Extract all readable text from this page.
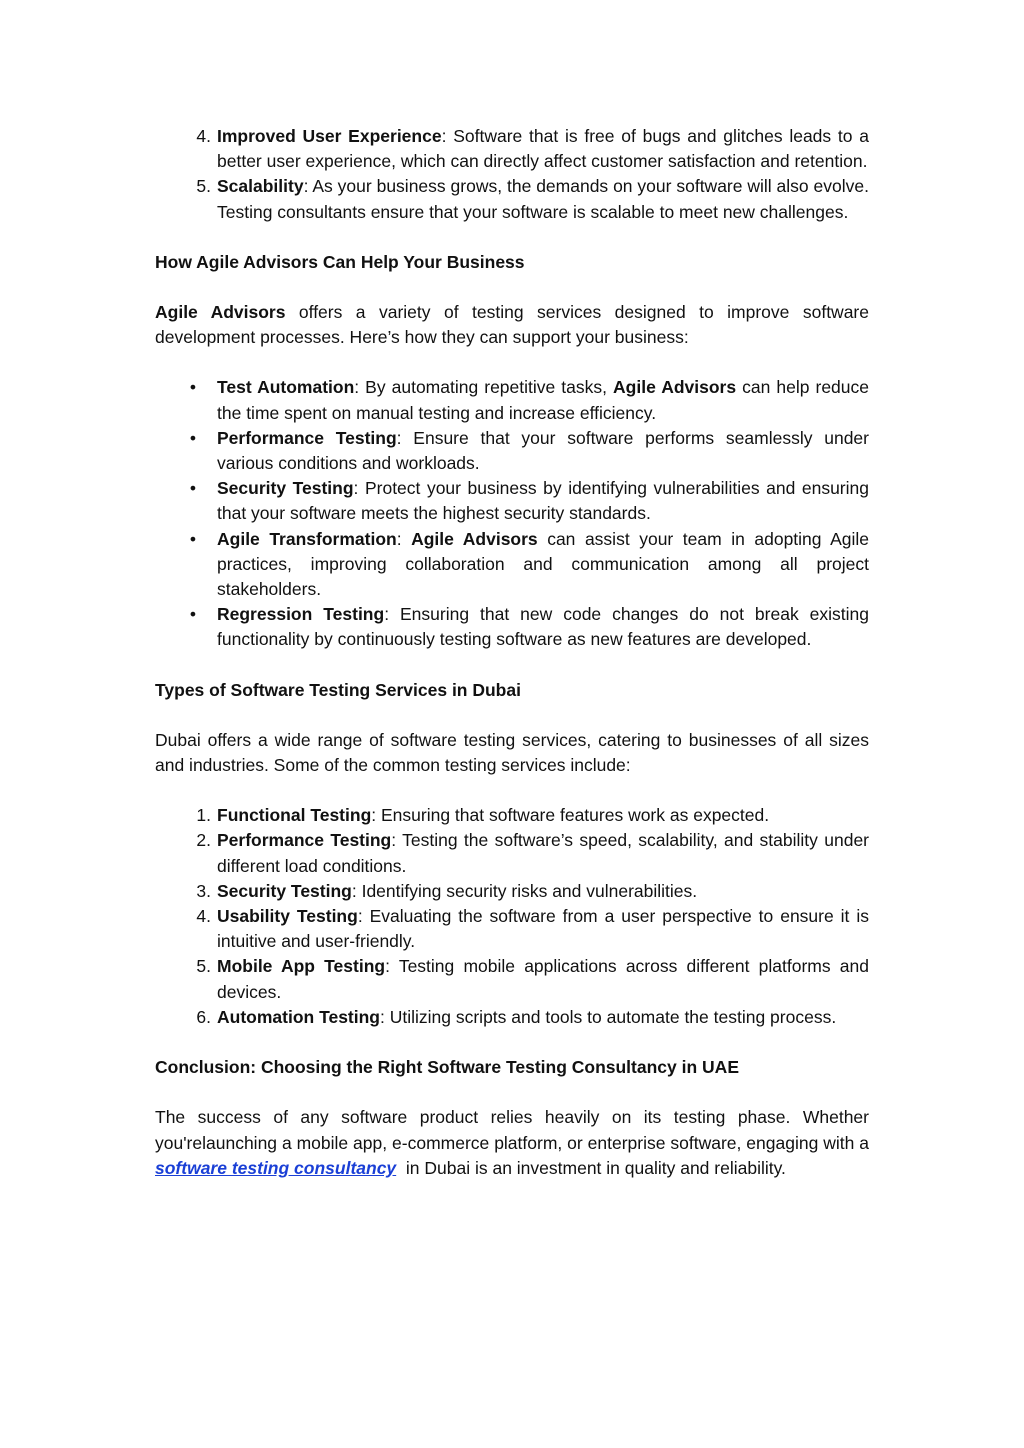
4. Improved User Experience: Software that is free of bugs and glitches leads to a better user experience, which can directly affect customer satisfaction and retention.
5. Scalability: As your business grows, the demands on your software will also evolve. Testing consultants ensure that your software is scalable to meet new challenges.
How Agile Advisors Can Help Your Business

Agile Advisors offers a variety of testing services designed to improve software development processes. Here’s how they can support your business:

• Test Automation: By automating repetitive tasks, Agile Advisors can help reduce the time spent on manual testing and increase efficiency.
• Performance Testing: Ensure that your software performs seamlessly under various conditions and workloads.
• Security Testing: Protect your business by identifying vulnerabilities and ensuring that your software meets the highest security standards.
• Agile Transformation: Agile Advisors can assist your team in adopting Agile practices, improving collaboration and communication among all project stakeholders.
• Regression Testing: Ensuring that new code changes do not break existing functionality by continuously testing software as new features are developed.
Types of Software Testing Services in Dubai

Dubai offers a wide range of software testing services, catering to businesses of all sizes and industries. Some of the common testing services include:

1. Functional Testing: Ensuring that software features work as expected.
2. Performance Testing: Testing the software’s speed, scalability, and stability under different load conditions.
3. Security Testing: Identifying security risks and vulnerabilities.
4. Usability Testing: Evaluating the software from a user perspective to ensure it is intuitive and user-friendly.
5. Mobile App Testing: Testing mobile applications across different platforms and devices.
6. Automation Testing: Utilizing scripts and tools to automate the testing process.
Conclusion: Choosing the Right Software Testing Consultancy in UAE

The success of any software product relies heavily on its testing phase. Whether you'relaunching a mobile app, e-commerce platform, or enterprise software, engaging with a software testing consultancy  in Dubai is an investment in quality and reliability.
